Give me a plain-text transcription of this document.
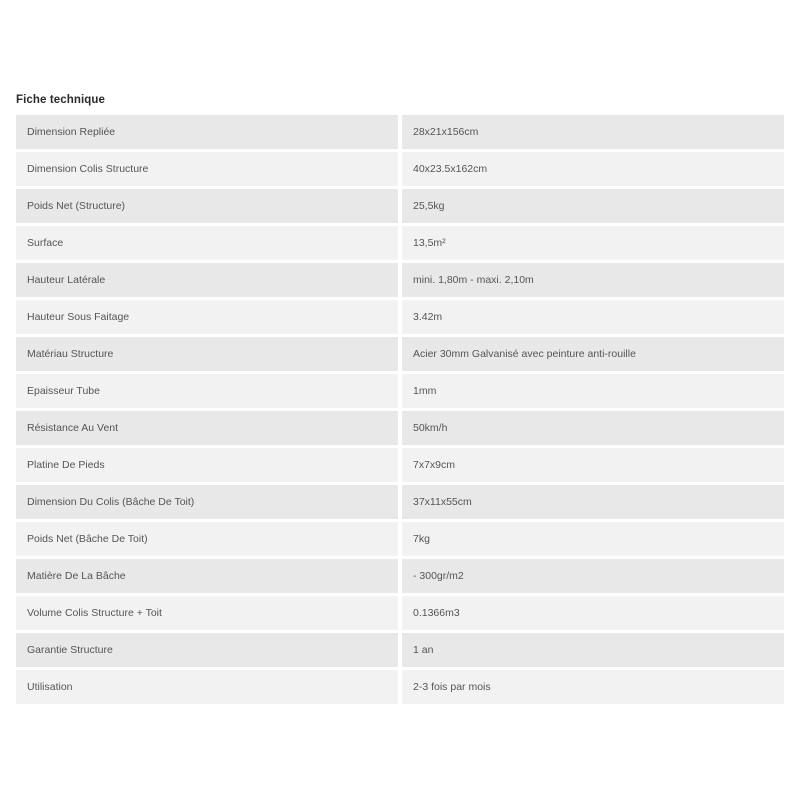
Fiche technique
Dimension Repliée	28x21x156cm

Dimension Colis Structure	40x23.5x162cm

Poids Net (Structure)	25,5kg

Surface	13,5m²

Hauteur Latérale	mini. 1,80m - maxi. 2,10m

Hauteur Sous Faitage	3.42m

Matériau Structure	Acier 30mm Galvanisé avec peinture anti-rouille

Epaisseur Tube	1mm

Résistance Au Vent	50km/h

Platine De Pieds	7x7x9cm

Dimension Du Colis (Bâche De Toit)	37x11x55cm

Poids Net (Bâche De Toit)	7kg

Matière De La Bâche	- 300gr/m2

Volume Colis Structure + Toit	0.1366m3

Garantie Structure	1 an

Utilisation	2-3 fois par mois
